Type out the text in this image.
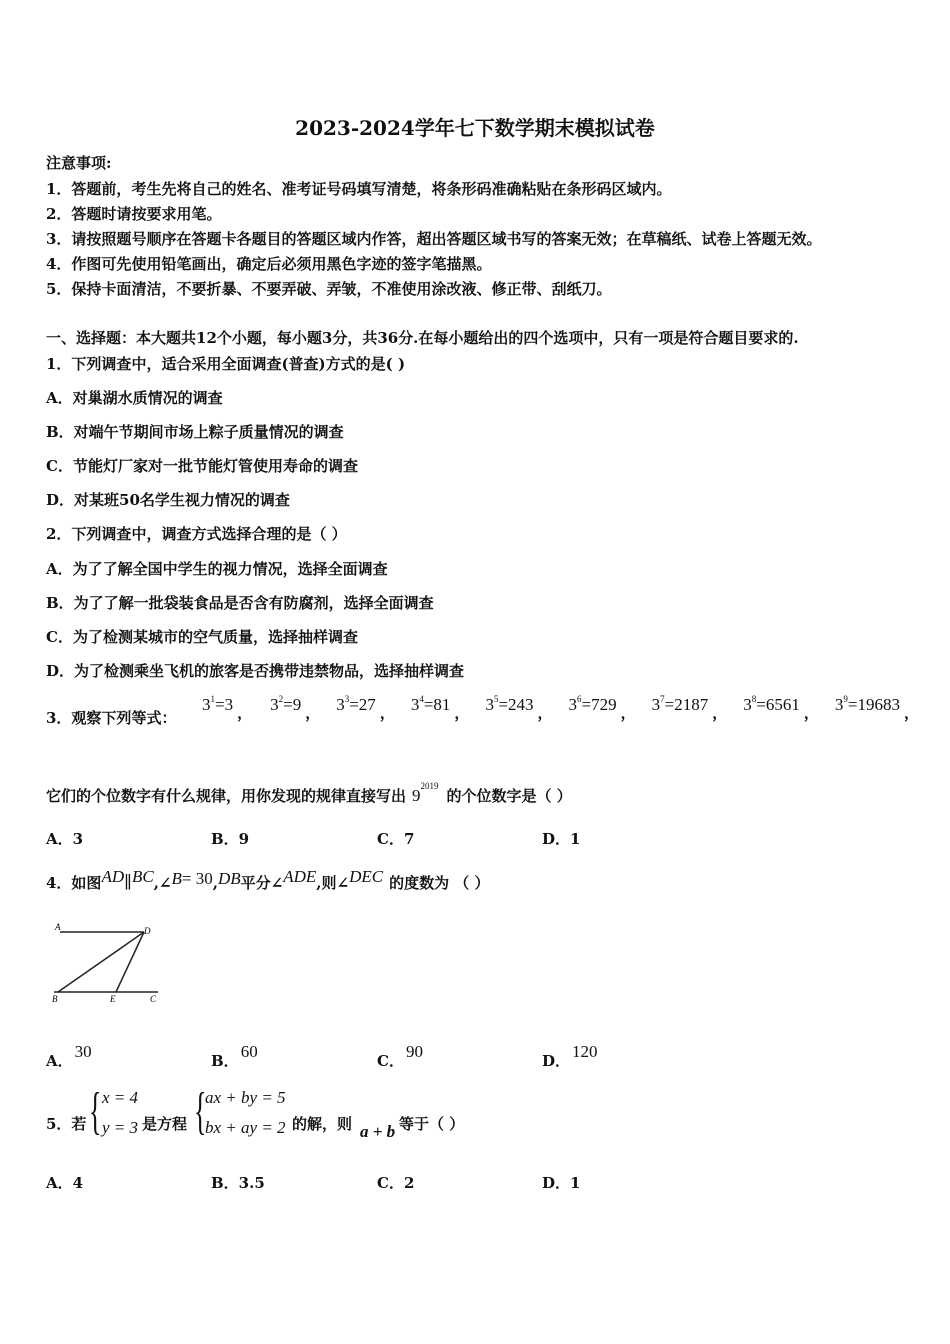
2023-2024学年七下数学期末模拟试卷
注意事项:
1．答题前，考生先将自己的姓名、准考证号码填写清楚，将条形码准确粘贴在条形码区域内。
2．答题时请按要求用笔。
3．请按照题号顺序在答题卡各题目的答题区域内作答，超出答题区域书写的答案无效；在草稿纸、试卷上答题无效。
4．作图可先使用铅笔画出，确定后必须用黑色字迹的签字笔描黑。
5．保持卡面清洁，不要折暴、不要弄破、弄皱，不准使用涂改液、修正带、刮纸刀。
一、选择题：本大题共12个小题，每小题3分，共36分.在每小题给出的四个选项中，只有一项是符合题目要求的.
1．下列调查中，适合采用全面调查(普查)方式的是( )
A．对巢湖水质情况的调查
B．对端午节期间市场上粽子质量情况的调查
C．节能灯厂家对一批节能灯管使用寿命的调查
D．对某班50名学生视力情况的调查
2．下列调查中，调查方式选择合理的是（ ）
A．为了了解全国中学生的视力情况，选择全面调查
B．为了了解一批袋装食品是否含有防腐剂，选择全面调查
C．为了检测某城市的空气质量，选择抽样调查
D．为了检测乘坐飞机的旅客是否携带违禁物品，选择抽样调查
3．观察下列等式：
$3^1=3$ ， $3^2=9$ ， $3^3=27$ ， $3^4=81$ ， $3^5=243$ ， $3^6=729$ ， $3^7=2187$ ， $3^8=6561$ ， $3^9=19683$ ，
它们的个位数字有什么规律，用你发现的规律直接写出 $9^{2019}$的个位数字是（ ）
A．3	B．9	C．7	D．1
4．如图AD∥BC,∠B= 30,DB平分∠ADE,则∠DEC 的度数为 （ ）
A	D
B	E	C
A． 30	B． 60	C． 90	D． 120
5．若 { x = 4
y = 3 是方程 {
ax + by = 5
bx + ay = 2 的解，则 a + b 等于（ ）
A．4	B．3.5	C．2	D．1
